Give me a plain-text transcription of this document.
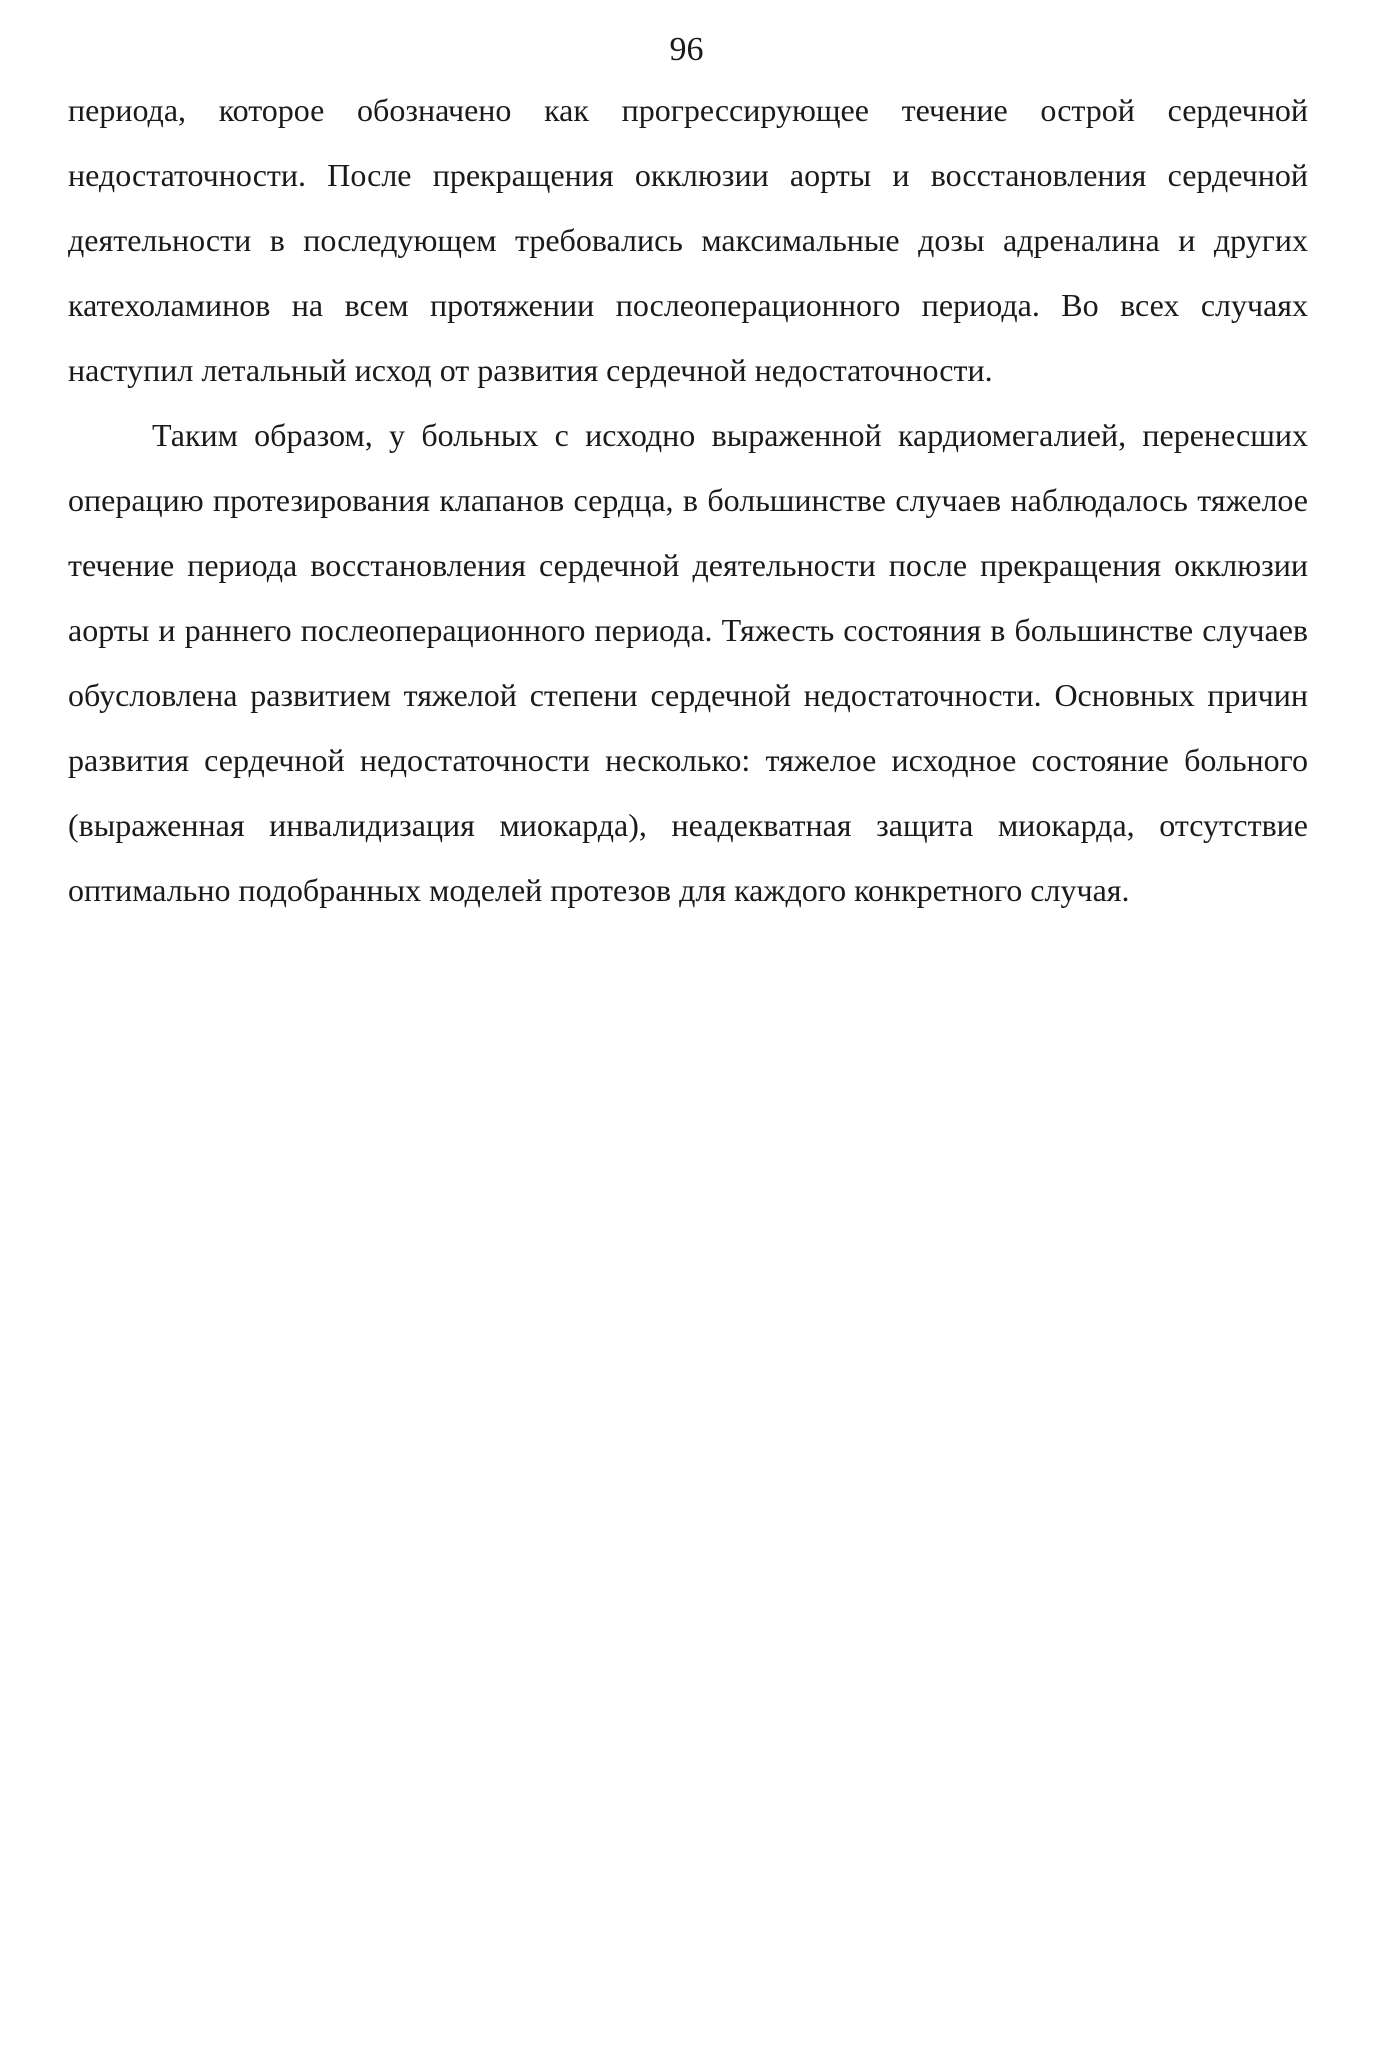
96

периода, которое обозначено как прогрессирующее течение острой сердечной недостаточности. После прекращения окклюзии аорты и восстановления сердечной деятельности в последующем требовались максимальные дозы адреналина и других катехоламинов на всем протяжении послеоперационного периода. Во всех случаях наступил летальный исход от развития сердечной недостаточности.

Таким образом, у больных с исходно выраженной кардиомегалией, перенесших операцию протезирования клапанов сердца, в большинстве случаев наблюдалось тяжелое течение периода восстановления сердечной деятельности после прекращения окклюзии аорты и раннего послеоперационного периода. Тяжесть состояния в большинстве случаев обусловлена развитием тяжелой степени сердечной недостаточности. Основных причин развития сердечной недостаточности несколько: тяжелое исходное состояние больного (выраженная инвалидизация миокарда), неадекватная защита миокарда, отсутствие оптимально подобранных моделей протезов для каждого конкретного случая.
